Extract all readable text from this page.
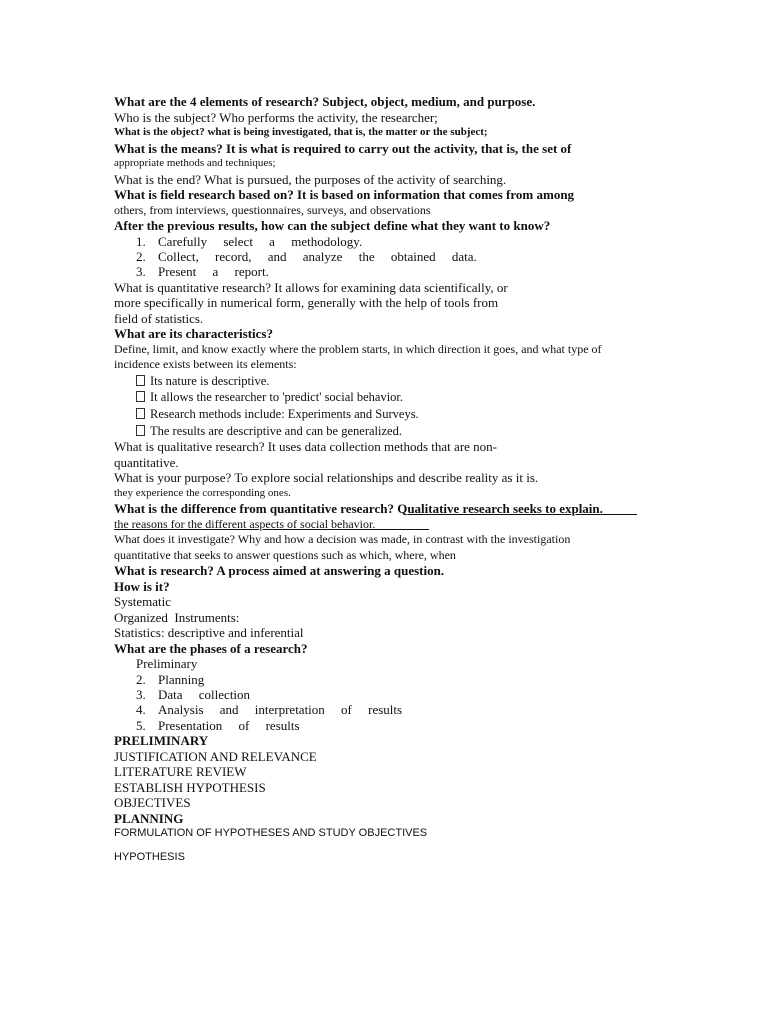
What are the 4 elements of research? Subject, object, medium, and purpose.
Who is the subject? Who performs the activity, the researcher;
What is the object? what is being investigated, that is, the matter or the subject;
What is the means? It is what is required to carry out the activity, that is, the set of
appropriate methods and techniques;
What is the end? What is pursued, the purposes of the activity of searching.
What is field research based on? It is based on information that comes from among
others, from interviews, questionnaires, surveys, and observations
After the previous results, how can the subject define what they want to know?
1. Carefully select a methodology.
2. Collect, record, and analyze the obtained data.
3. Present a report.
What is quantitative research? It allows for examining data scientifically, or
more specifically in numerical form, generally with the help of tools from
field of statistics.
What are its characteristics?
Define, limit, and know exactly where the problem starts, in which direction it goes, and what type of
incidence exists between its elements:
Its nature is descriptive.
It allows the researcher to 'predict' social behavior.
Research methods include: Experiments and Surveys.
The results are descriptive and can be generalized.
What is qualitative research? It uses data collection methods that are non-
quantitative.
What is your purpose? To explore social relationships and describe reality as it is.
they experience the corresponding ones.
What is the difference from quantitative research? Qualitative research seeks to explain.
the reasons for the different aspects of social behavior.
What does it investigate? Why and how a decision was made, in contrast with the investigation
quantitative that seeks to answer questions such as which, where, when
What is research? A process aimed at answering a question.
How is it?
Systematic
Organized  Instruments:
Statistics: descriptive and inferential
What are the phases of a research?
Preliminary
2. Planning
3. Data collection
4. Analysis and interpretation of results
5. Presentation of results
PRELIMINARY
JUSTIFICATION AND RELEVANCE
LITERATURE REVIEW
ESTABLISH HYPOTHESIS
OBJECTIVES
PLANNING
FORMULATION OF HYPOTHESES AND STUDY OBJECTIVES
HYPOTHESIS
